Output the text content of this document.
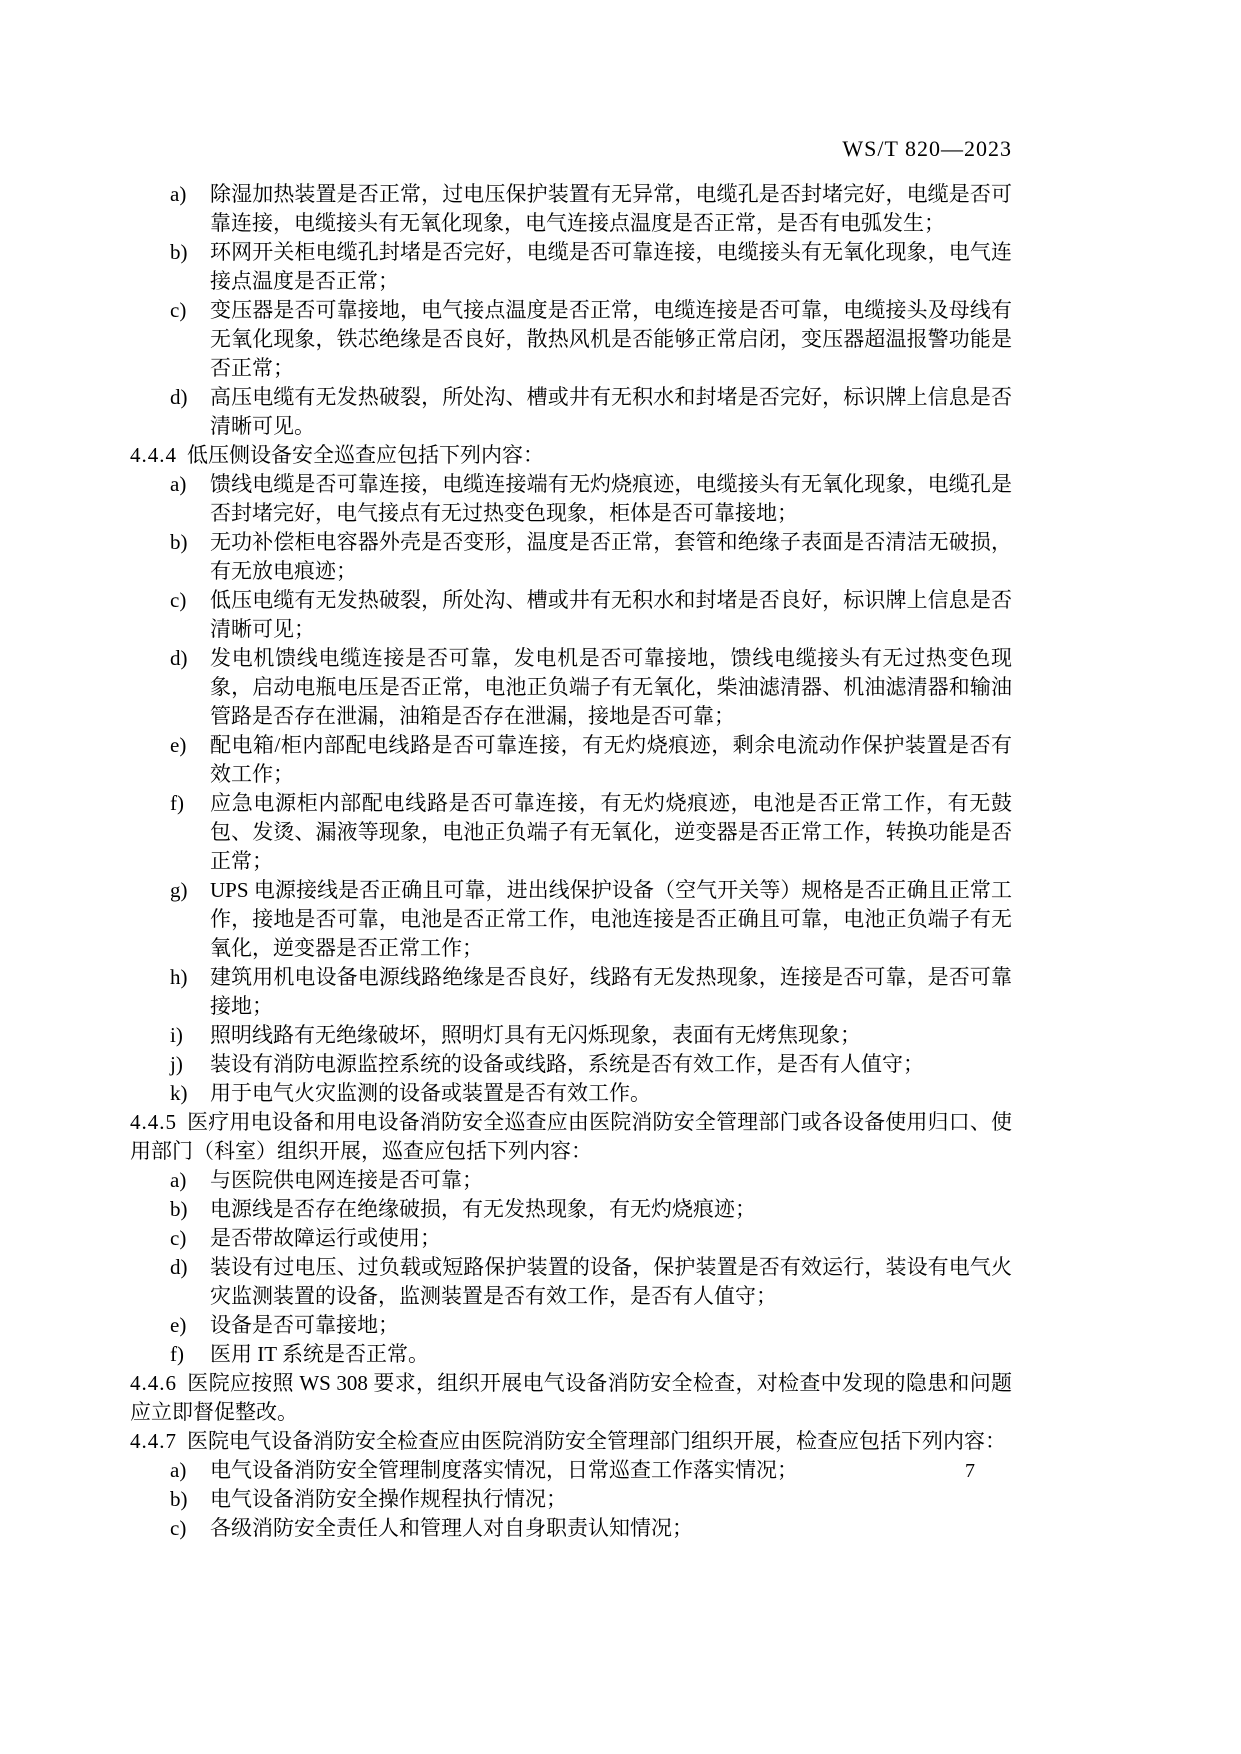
WS/T 820—2023
a) 除湿加热装置是否正常，过电压保护装置有无异常，电缆孔是否封堵完好，电缆是否可靠连接，电缆接头有无氧化现象，电气连接点温度是否正常，是否有电弧发生；
b) 环网开关柜电缆孔封堵是否完好，电缆是否可靠连接，电缆接头有无氧化现象，电气连接点温度是否正常；
c) 变压器是否可靠接地，电气接点温度是否正常，电缆连接是否可靠，电缆接头及母线有无氧化现象，铁芯绝缘是否良好，散热风机是否能够正常启闭，变压器超温报警功能是否正常；
d) 高压电缆有无发热破裂，所处沟、槽或井有无积水和封堵是否完好，标识牌上信息是否清晰可见。
4.4.4 低压侧设备安全巡查应包括下列内容：
a) 馈线电缆是否可靠连接，电缆连接端有无灼烧痕迹，电缆接头有无氧化现象，电缆孔是否封堵完好，电气接点有无过热变色现象，柜体是否可靠接地；
b) 无功补偿柜电容器外壳是否变形，温度是否正常，套管和绝缘子表面是否清洁无破损，有无放电痕迹；
c) 低压电缆有无发热破裂，所处沟、槽或井有无积水和封堵是否良好，标识牌上信息是否清晰可见；
d) 发电机馈线电缆连接是否可靠，发电机是否可靠接地，馈线电缆接头有无过热变色现象，启动电瓶电压是否正常，电池正负端子有无氧化，柴油滤清器、机油滤清器和输油管路是否存在泄漏，油箱是否存在泄漏，接地是否可靠；
e) 配电箱/柜内部配电线路是否可靠连接，有无灼烧痕迹，剩余电流动作保护装置是否有效工作；
f) 应急电源柜内部配电线路是否可靠连接，有无灼烧痕迹，电池是否正常工作，有无鼓包、发烫、漏液等现象，电池正负端子有无氧化，逆变器是否正常工作，转换功能是否正常；
g) UPS 电源接线是否正确且可靠，进出线保护设备（空气开关等）规格是否正确且正常工作，接地是否可靠，电池是否正常工作，电池连接是否正确且可靠，电池正负端子有无氧化，逆变器是否正常工作；
h) 建筑用机电设备电源线路绝缘是否良好，线路有无发热现象，连接是否可靠，是否可靠接地；
i) 照明线路有无绝缘破坏，照明灯具有无闪烁现象，表面有无烤焦现象；
j) 装设有消防电源监控系统的设备或线路，系统是否有效工作，是否有人值守；
k) 用于电气火灾监测的设备或装置是否有效工作。
4.4.5 医疗用电设备和用电设备消防安全巡查应由医院消防安全管理部门或各设备使用归口、使用部门（科室）组织开展，巡查应包括下列内容：
a) 与医院供电网连接是否可靠；
b) 电源线是否存在绝缘破损，有无发热现象，有无灼烧痕迹；
c) 是否带故障运行或使用；
d) 装设有过电压、过负载或短路保护装置的设备，保护装置是否有效运行，装设有电气火灾监测装置的设备，监测装置是否有效工作，是否有人值守；
e) 设备是否可靠接地；
f) 医用 IT 系统是否正常。
4.4.6 医院应按照 WS 308 要求，组织开展电气设备消防安全检查，对检查中发现的隐患和问题应立即督促整改。
4.4.7 医院电气设备消防安全检查应由医院消防安全管理部门组织开展，检查应包括下列内容：
a) 电气设备消防安全管理制度落实情况，日常巡查工作落实情况；
b) 电气设备消防安全操作规程执行情况；
c) 各级消防安全责任人和管理人对自身职责认知情况；
7
